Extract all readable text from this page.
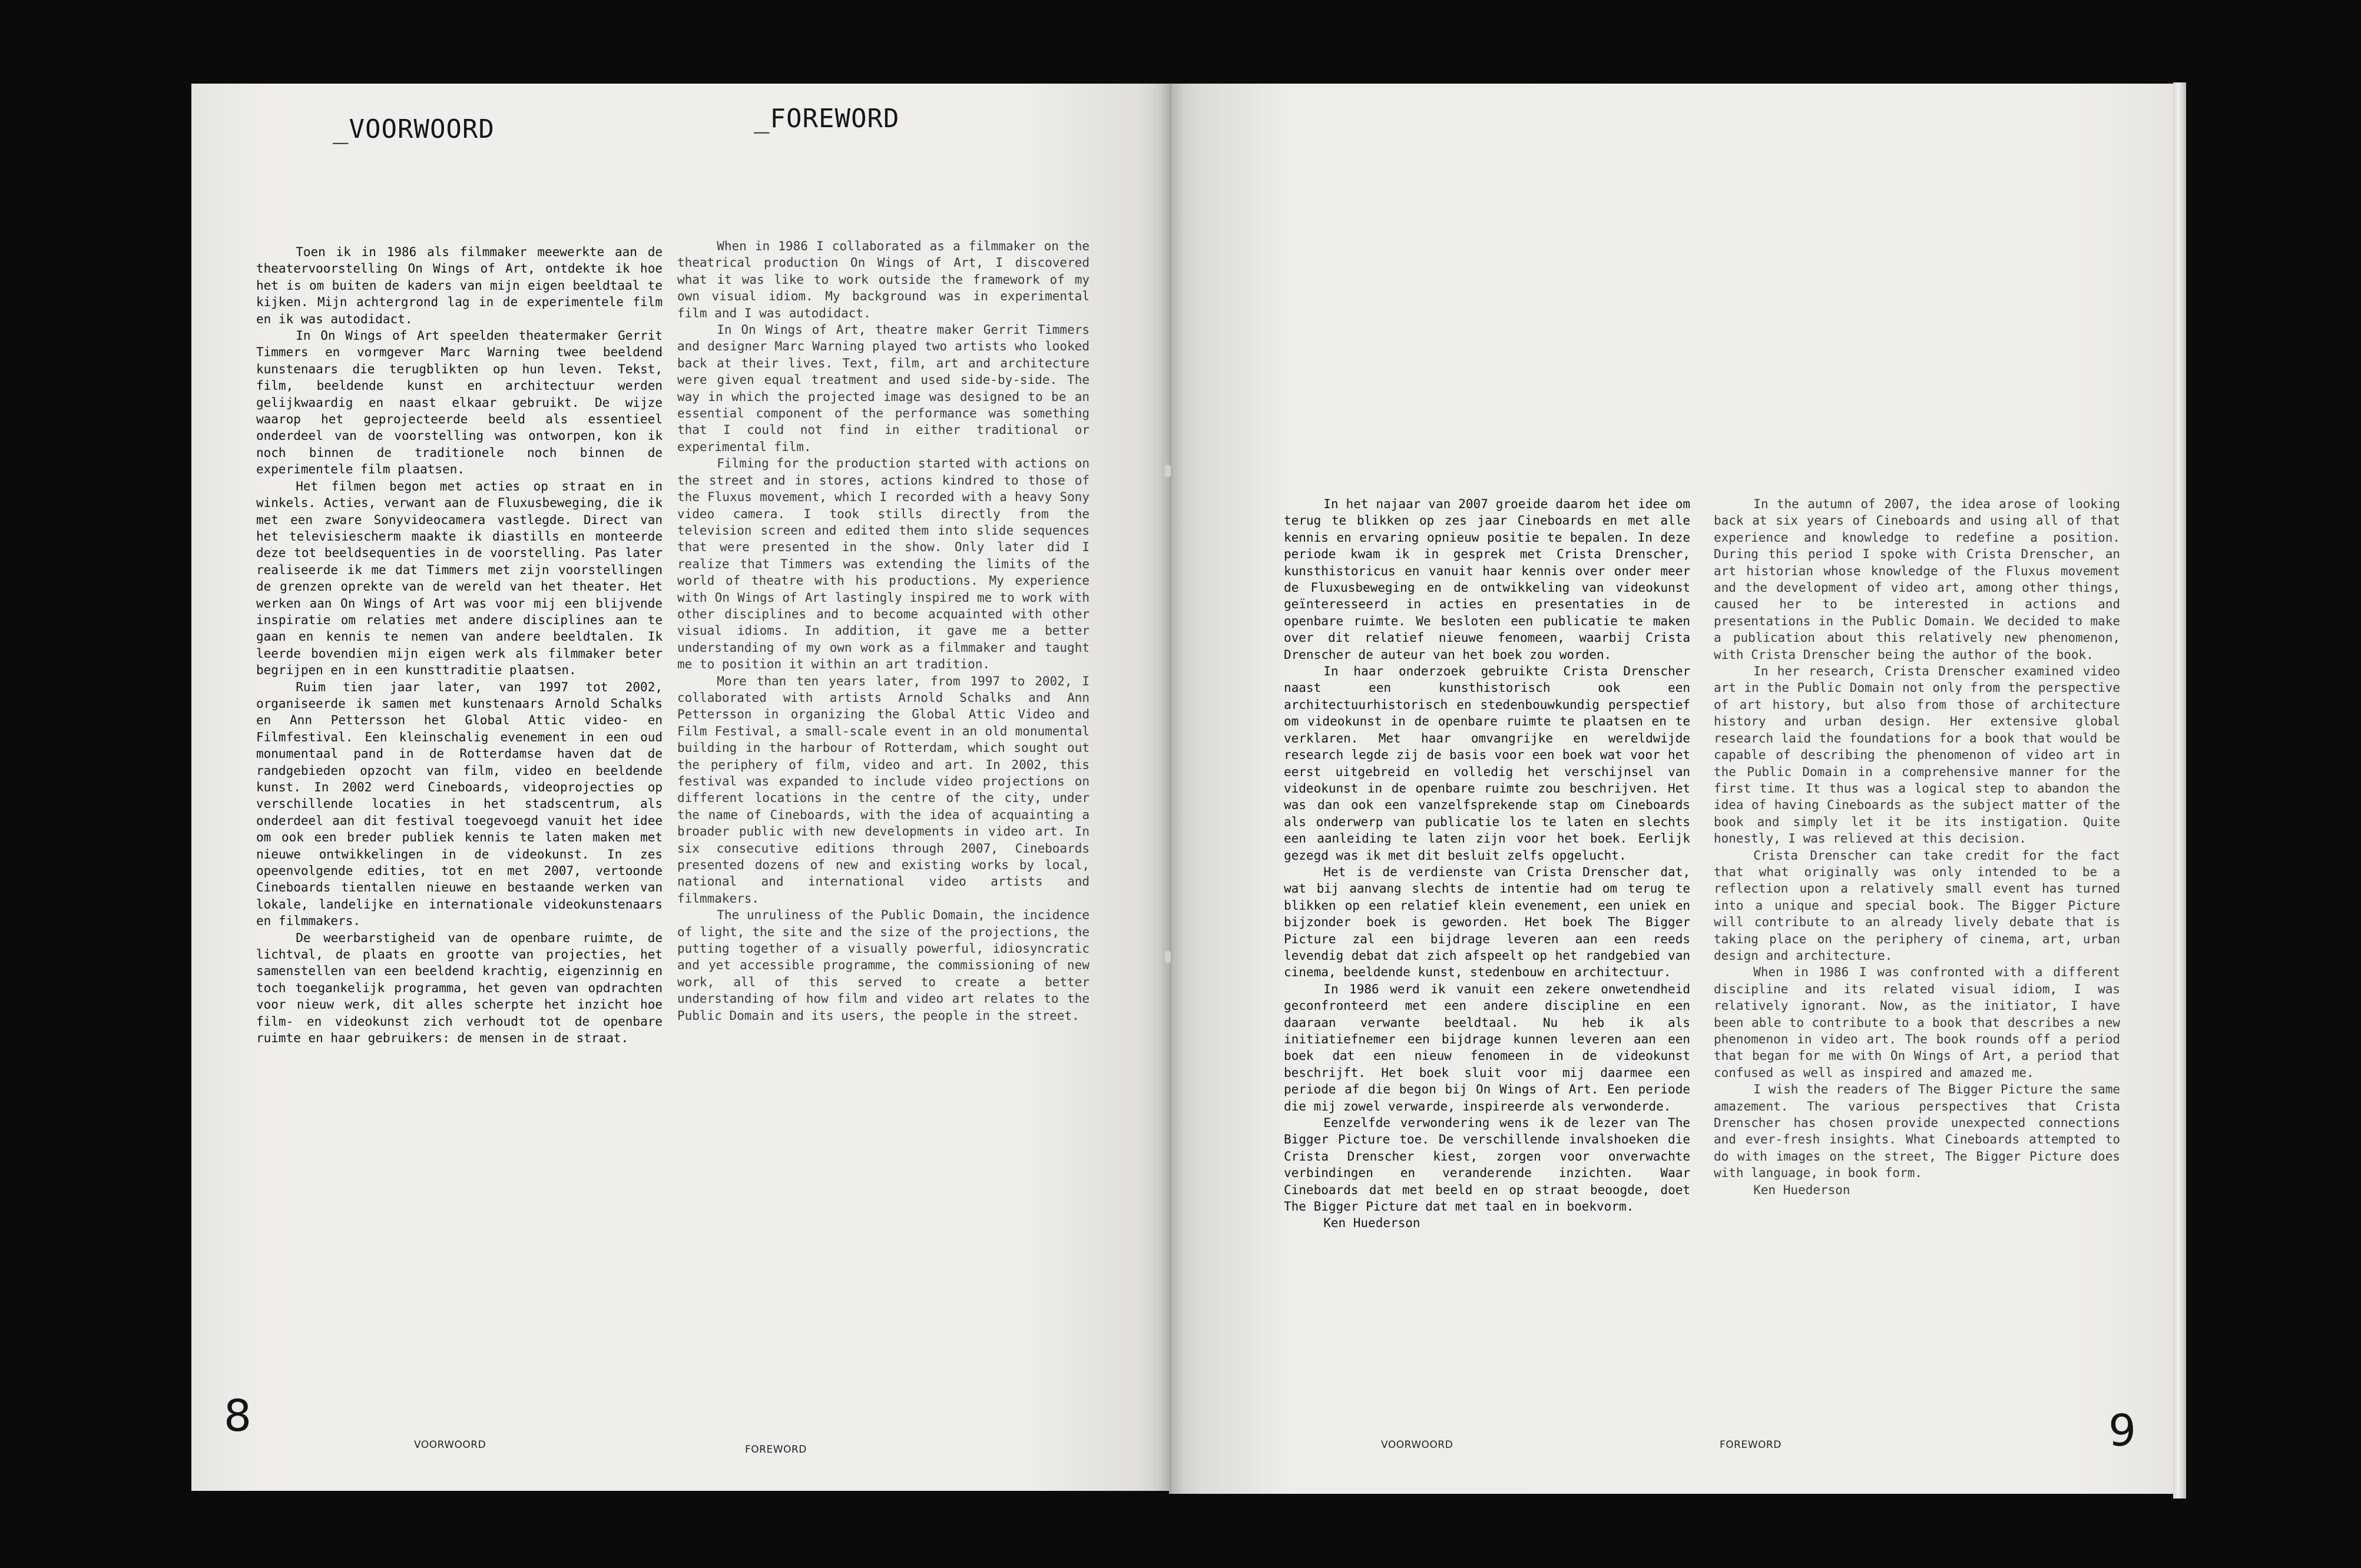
_VOORWOORD	_FOREWORD

Toen ik in 1986 als filmmaker meewerkte aan de theatervoorstelling On Wings of Art, ontdekte ik hoe het is om buiten de kaders van mijn eigen beeldtaal te kijken. Mijn achtergrond lag in de experimentele film en ik was autodidact.

In On Wings of Art speelden theatermaker Gerrit Timmers en vormgever Marc Warning twee beeldend kunstenaars die terugblikten op hun leven. Tekst, film, beeldende kunst en architectuur werden gelijkwaardig en naast elkaar gebruikt. De wijze waarop het geprojecteerde beeld als essentieel onderdeel van de voorstelling was ontworpen, kon ik noch binnen de traditionele noch binnen de experimentele film plaatsen.

Het filmen begon met acties op straat en in winkels. Acties, verwant aan de Fluxusbeweging, die ik met een zware Sonyvideocamera vastlegde. Direct van het televisiescherm maakte ik diastills en monteerde deze tot beeldsequenties in de voorstelling. Pas later realiseerde ik me dat Timmers met zijn voorstellingen de grenzen oprekte van de wereld van het theater. Het werken aan On Wings of Art was voor mij een blijvende inspiratie om relaties met andere disciplines aan te gaan en kennis te nemen van andere beeldtalen. Ik leerde bovendien mijn eigen werk als filmmaker beter begrijpen en in een kunsttraditie plaatsen.

Ruim tien jaar later, van 1997 tot 2002, organiseerde ik samen met kunstenaars Arnold Schalks en Ann Pettersson het Global Attic video- en Filmfestival. Een kleinschalig evenement in een oud monumentaal pand in de Rotterdamse haven dat de randgebieden opzocht van film, video en beeldende kunst. In 2002 werd Cineboards, videoprojecties op verschillende locaties in het stadscentrum, als onderdeel aan dit festival toegevoegd vanuit het idee om ook een breder publiek kennis te laten maken met nieuwe ontwikkelingen in de videokunst. In zes opeenvolgende edities, tot en met 2007, vertoonde Cineboards tientallen nieuwe en bestaande werken van lokale, landelijke en internationale videokunstenaars en filmmakers.

De weerbarstigheid van de openbare ruimte, de lichtval, de plaats en grootte van projecties, het samenstellen van een beeldend krachtig, eigenzinnig en toch toegankelijk programma, het geven van opdrachten voor nieuw werk, dit alles scherpte het inzicht hoe film- en videokunst zich verhoudt tot de openbare ruimte en haar gebruikers: de mensen in de straat.

When in 1986 I collaborated as a filmmaker on the theatrical production On Wings of Art, I discovered what it was like to work outside the framework of my own visual idiom. My background was in experimental film and I was autodidact.

In On Wings of Art, theatre maker Gerrit Timmers and designer Marc Warning played two artists who looked back at their lives. Text, film, art and architecture were given equal treatment and used side-by-side. The way in which the projected image was designed to be an essential component of the performance was something that I could not find in either traditional or experimental film.

Filming for the production started with actions on the street and in stores, actions kindred to those of the Fluxus movement, which I recorded with a heavy Sony video camera. I took stills directly from the television screen and edited them into slide sequences that were presented in the show. Only later did I realize that Timmers was extending the limits of the world of theatre with his productions. My experience with On Wings of Art lastingly inspired me to work with other disciplines and to become acquainted with other visual idioms. In addition, it gave me a better understanding of my own work as a filmmaker and taught me to position it within an art tradition.

More than ten years later, from 1997 to 2002, I collaborated with artists Arnold Schalks and Ann Pettersson in organizing the Global Attic Video and Film Festival, a small-scale event in an old monumental building in the harbour of Rotterdam, which sought out the periphery of film, video and art. In 2002, this festival was expanded to include video projections on different locations in the centre of the city, under the name of Cineboards, with the idea of acquainting a broader public with new developments in video art. In six consecutive editions through 2007, Cineboards presented dozens of new and existing works by local, national and international video artists and filmmakers.

The unruliness of the Public Domain, the incidence of light, the site and the size of the projections, the putting together of a visually powerful, idiosyncratic and yet accessible programme, the commissioning of new work, all of this served to create a better understanding of how film and video art relates to the Public Domain and its users, the people in the street.

8
VOORWOORD	FOREWORD

In het najaar van 2007 groeide daarom het idee om terug te blikken op zes jaar Cineboards en met alle kennis en ervaring opnieuw positie te bepalen. In deze periode kwam ik in gesprek met Crista Drenscher, kunsthistoricus en vanuit haar kennis over onder meer de Fluxusbeweging en de ontwikkeling van videokunst geïnteresseerd in acties en presentaties in de openbare ruimte. We besloten een publicatie te maken over dit relatief nieuwe fenomeen, waarbij Crista Drenscher de auteur van het boek zou worden.

In haar onderzoek gebruikte Crista Drenscher naast een kunsthistorisch ook een architectuurhistorisch en stedenbouwkundig perspectief om videokunst in de openbare ruimte te plaatsen en te verklaren. Met haar omvangrijke en wereldwijde research legde zij de basis voor een boek wat voor het eerst uitgebreid en volledig het verschijnsel van videokunst in de openbare ruimte zou beschrijven. Het was dan ook een vanzelfsprekende stap om Cineboards als onderwerp van publicatie los te laten en slechts een aanleiding te laten zijn voor het boek. Eerlijk gezegd was ik met dit besluit zelfs opgelucht.

Het is de verdienste van Crista Drenscher dat, wat bij aanvang slechts de intentie had om terug te blikken op een relatief klein evenement, een uniek en bijzonder boek is geworden. Het boek The Bigger Picture zal een bijdrage leveren aan een reeds levendig debat dat zich afspeelt op het randgebied van cinema, beeldende kunst, stedenbouw en architectuur.

In 1986 werd ik vanuit een zekere onwetendheid geconfronteerd met een andere discipline en een daaraan verwante beeldtaal. Nu heb ik als initiatiefnemer een bijdrage kunnen leveren aan een boek dat een nieuw fenomeen in de videokunst beschrijft. Het boek sluit voor mij daarmee een periode af die begon bij On Wings of Art. Een periode die mij zowel verwarde, inspireerde als verwonderde.

Eenzelfde verwondering wens ik de lezer van The Bigger Picture toe. De verschillende invalshoeken die Crista Drenscher kiest, zorgen voor onverwachte verbindingen en veranderende inzichten. Waar Cineboards dat met beeld en op straat beoogde, doet The Bigger Picture dat met taal en in boekvorm.

Ken Huederson

In the autumn of 2007, the idea arose of looking back at six years of Cineboards and using all of that experience and knowledge to redefine a position. During this period I spoke with Crista Drenscher, an art historian whose knowledge of the Fluxus movement and the development of video art, among other things, caused her to be interested in actions and presentations in the Public Domain. We decided to make a publication about this relatively new phenomenon, with Crista Drenscher being the author of the book.

In her research, Crista Drenscher examined video art in the Public Domain not only from the perspective of art history, but also from those of architecture history and urban design. Her extensive global research laid the foundations for a book that would be capable of describing the phenomenon of video art in the Public Domain in a comprehensive manner for the first time. It thus was a logical step to abandon the idea of having Cineboards as the subject matter of the book and simply let it be its instigation. Quite honestly, I was relieved at this decision.

Crista Drenscher can take credit for the fact that what originally was only intended to be a reflection upon a relatively small event has turned into a unique and special book. The Bigger Picture will contribute to an already lively debate that is taking place on the periphery of cinema, art, urban design and architecture.

When in 1986 I was confronted with a different discipline and its related visual idiom, I was relatively ignorant. Now, as the initiator, I have been able to contribute to a book that describes a new phenomenon in video art. The book rounds off a period that began for me with On Wings of Art, a period that confused as well as inspired and amazed me.

I wish the readers of The Bigger Picture the same amazement. The various perspectives that Crista Drenscher has chosen provide unexpected connections and ever-fresh insights. What Cineboards attempted to do with images on the street, The Bigger Picture does with language, in book form.

Ken Huederson

VOORWOORD	FOREWORD	9
